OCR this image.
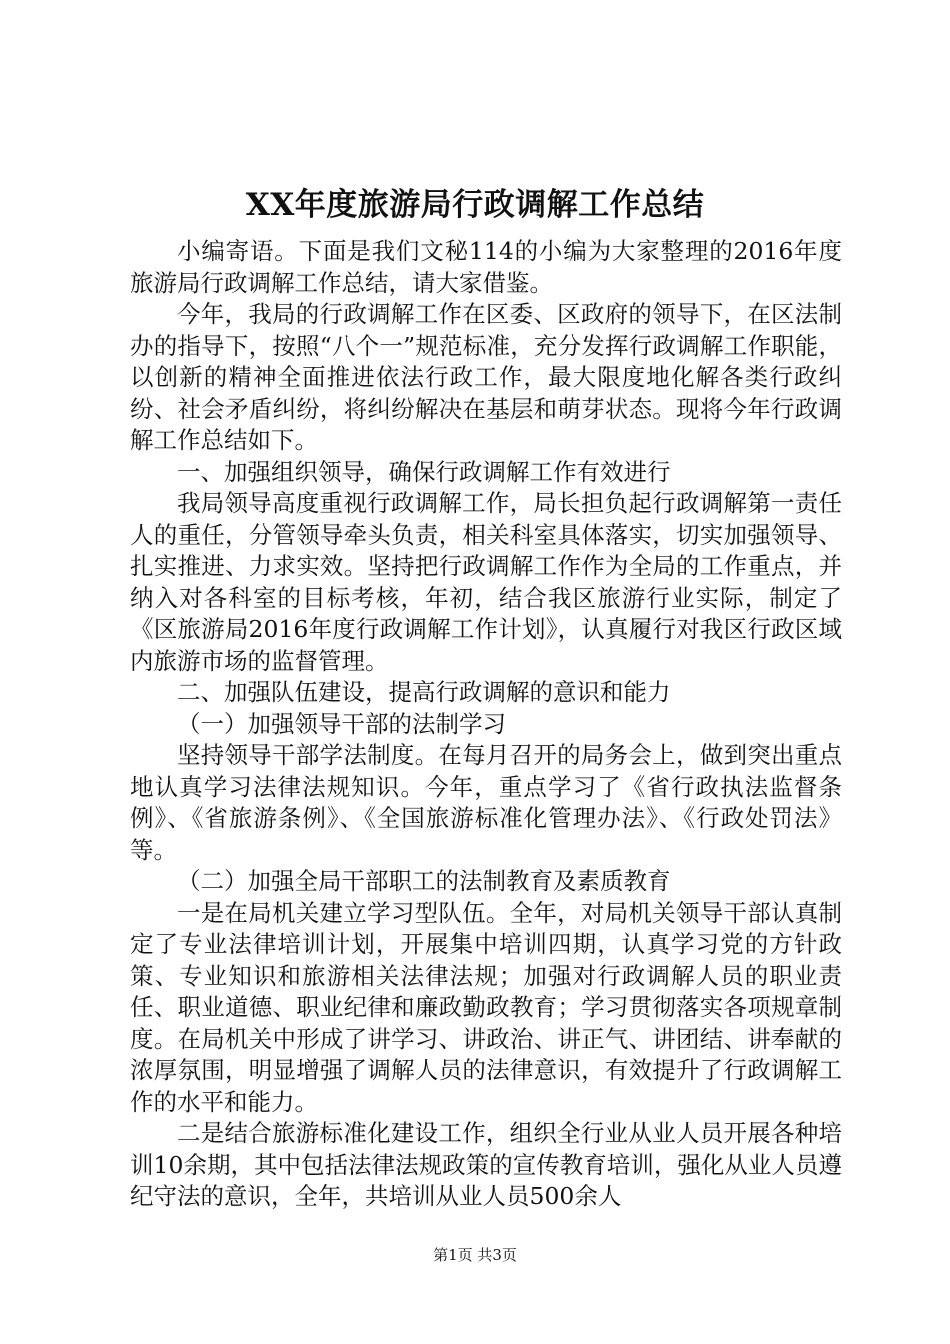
XX年度旅游局行政调解工作总结

小编寄语。下面是我们文秘114的小编为大家整理的2016年度旅游局行政调解工作总结，请大家借鉴。

今年，我局的行政调解工作在区委、区政府的领导下，在区法制办的指导下，按照“八个一”规范标准，充分发挥行政调解工作职能，以创新的精神全面推进依法行政工作，最大限度地化解各类行政纠纷、社会矛盾纠纷，将纠纷解决在基层和萌芽状态。现将今年行政调解工作总结如下。

一、加强组织领导，确保行政调解工作有效进行

我局领导高度重视行政调解工作，局长担负起行政调解第一责任人的重任，分管领导牵头负责，相关科室具体落实，切实加强领导、扎实推进、力求实效。坚持把行政调解工作作为全局的工作重点，并纳入对各科室的目标考核，年初，结合我区旅游行业实际，制定了《区旅游局2016年度行政调解工作计划》，认真履行对我区行政区域内旅游市场的监督管理。

二、加强队伍建设，提高行政调解的意识和能力

（一）加强领导干部的法制学习

坚持领导干部学法制度。在每月召开的局务会上，做到突出重点地认真学习法律法规知识。今年，重点学习了《省行政执法监督条例》、《省旅游条例》、《全国旅游标准化管理办法》、《行政处罚法》等。

（二）加强全局干部职工的法制教育及素质教育

一是在局机关建立学习型队伍。全年，对局机关领导干部认真制定了专业法律培训计划，开展集中培训四期，认真学习党的方针政策、专业知识和旅游相关法律法规；加强对行政调解人员的职业责任、职业道德、职业纪律和廉政勤政教育；学习贯彻落实各项规章制度。在局机关中形成了讲学习、讲政治、讲正气、讲团结、讲奉献的浓厚氛围，明显增强了调解人员的法律意识，有效提升了行政调解工作的水平和能力。

二是结合旅游标准化建设工作，组织全行业从业人员开展各种培训10余期，其中包括法律法规政策的宣传教育培训，强化从业人员遵纪守法的意识，全年，共培训从业人员500余人

第1页 共3页
